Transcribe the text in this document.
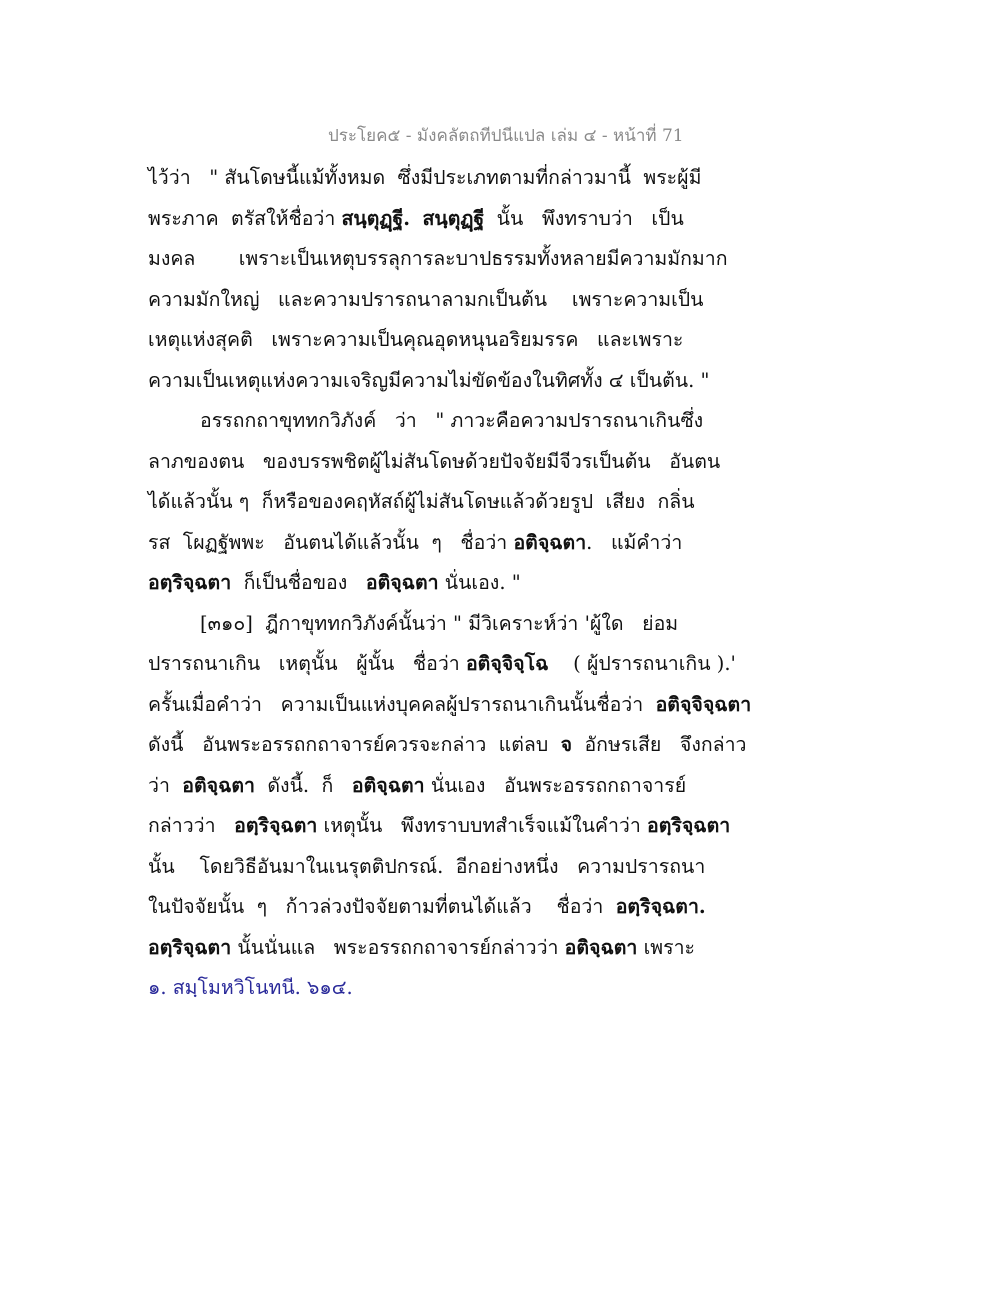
ประโยค๕ - มังคลัตถทีปนีแปล เล่ม ๔ - หน้าที่ 71
ไว้ว่า   " สันโดษนี้แม้ทั้งหมด  ซึ่งมีประเภทตามที่กล่าวมานี้  พระผู้มี
พระภาค  ตรัสให้ชื่อว่า สนฺตุฏฺฐี. สนฺตุฏฺฐี  นั้น   พึงทราบว่า   เป็น
มงคล       เพราะเป็นเหตุบรรลุการละบาปธรรมทั้งหลายมีความมักมาก
ความมักใหญ่   และความปรารถนาลามกเป็นต้น    เพราะความเป็น
เหตุแห่งสุคติ   เพราะความเป็นคุณอุดหนุนอริยมรรค   และเพราะ
ความเป็นเหตุแห่งความเจริญมีความไม่ขัดข้องในทิศทั้ง ๔ เป็นต้น. "
อรรถกถาขุททกวิภังค์   ว่า   " ภาวะคือความปรารถนาเกินซึ่ง
ลาภของตน   ของบรรพชิตผู้ไม่สันโดษด้วยปัจจัยมีจีวรเป็นต้น   อันตน
ได้แล้วนั้น ๆ  ก็หรือของคฤหัสถ์ผู้ไม่สันโดษแล้วด้วยรูป  เสียง  กลิ่น
รส  โผฏฐัพพะ   อันตนได้แล้วนั้น  ๆ   ชื่อว่า อติจฺฉตา.   แม้คำว่า
อตฺริจฺฉตา  ก็เป็นชื่อของ   อติจฺฉตา นั่นเอง. "
[๓๑๐]  ฎีกาขุททกวิภังค์นั้นว่า " มีวิเคราะห์ว่า 'ผู้ใด   ย่อม
ปรารถนาเกิน   เหตุนั้น   ผู้นั้น   ชื่อว่า อติจฺจิจฺโฉ    ( ผู้ปรารถนาเกิน ).'
ครั้นเมื่อคำว่า   ความเป็นแห่งบุคคลผู้ปรารถนาเกินนั้นชื่อว่า  อติจฺจิจฺฉตา
ดังนี้   อันพระอรรถกถาจารย์ควรจะกล่าว  แต่ลบ  จ  อักษรเสีย   จึงกล่าว
ว่า  อติจฺฉตา  ดังนี้.  ก็   อติจฺฉตา นั่นเอง   อันพระอรรถกถาจารย์
กล่าวว่า   อตฺริจฺฉตา เหตุนั้น   พึงทราบบทสำเร็จแม้ในคำว่า อตฺริจฺฉตา
นั้น    โดยวิธีอันมาในเนรุตติปกรณ์.  อีกอย่างหนึ่ง   ความปรารถนา
ในปัจจัยนั้น  ๆ   ก้าวล่วงปัจจัยตามที่ตนได้แล้ว    ชื่อว่า  อตฺริจฺฉตา.
อตฺริจฺฉตา นั้นนั่นแล   พระอรรถกถาจารย์กล่าวว่า อติจฺฉตา เพราะ
๑. สมฺโมหวิโนทนี. ๖๑๔.
